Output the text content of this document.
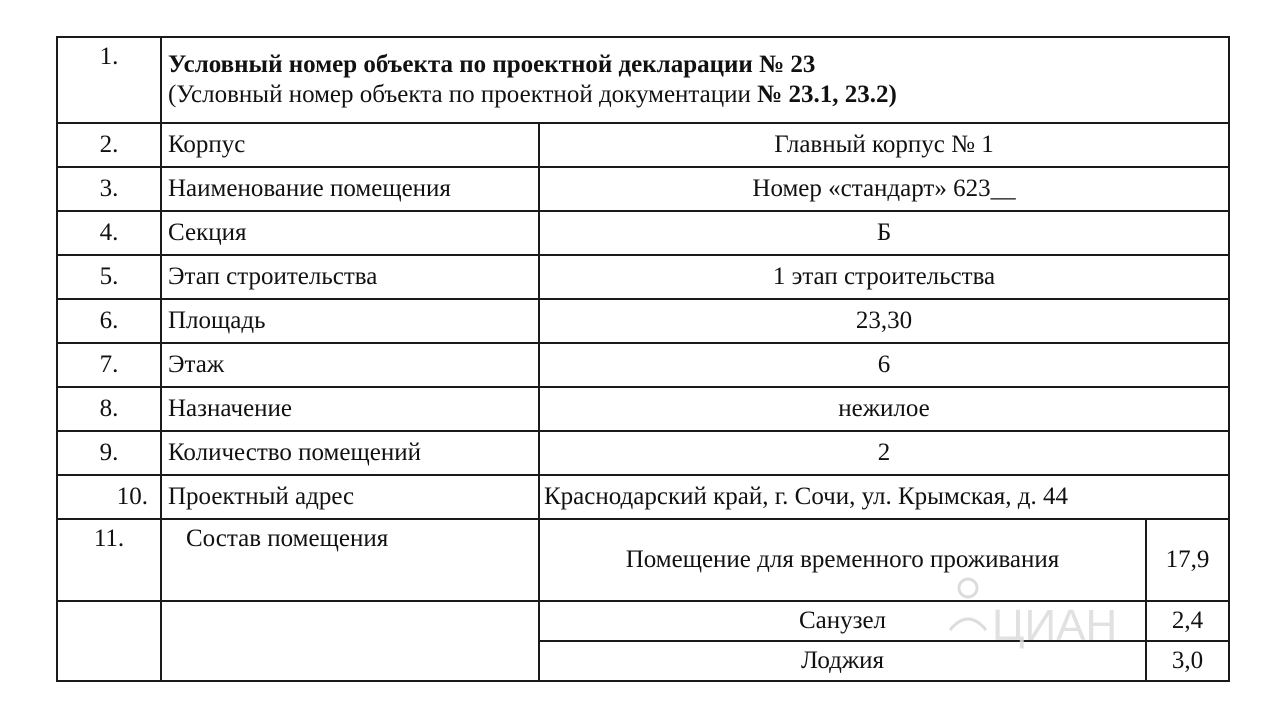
1.	Условный номер объекта по проектной декларации № 23
(Условный номер объекта по проектной документации № 23.1, 23.2)		

2.	Корпус	Главный корпус № 1	
3.	Наименование помещения	Номер «стандарт» 623__	
4.	Секция	Б	
5.	Этап строительства	1 этап строительства	
6.	Площадь	23,30	
7.	Этаж	6	
8.	Назначение	нежилое	
9.	Количество помещений	2	
10.	Проектный адрес	Краснодарский край, г. Сочи, ул. Крымская, д. 44	
11.	Состав помещения	Помещение для временного проживания	17,9
		Санузел	2,4
		Лоджия	3,0
ЦИАН
